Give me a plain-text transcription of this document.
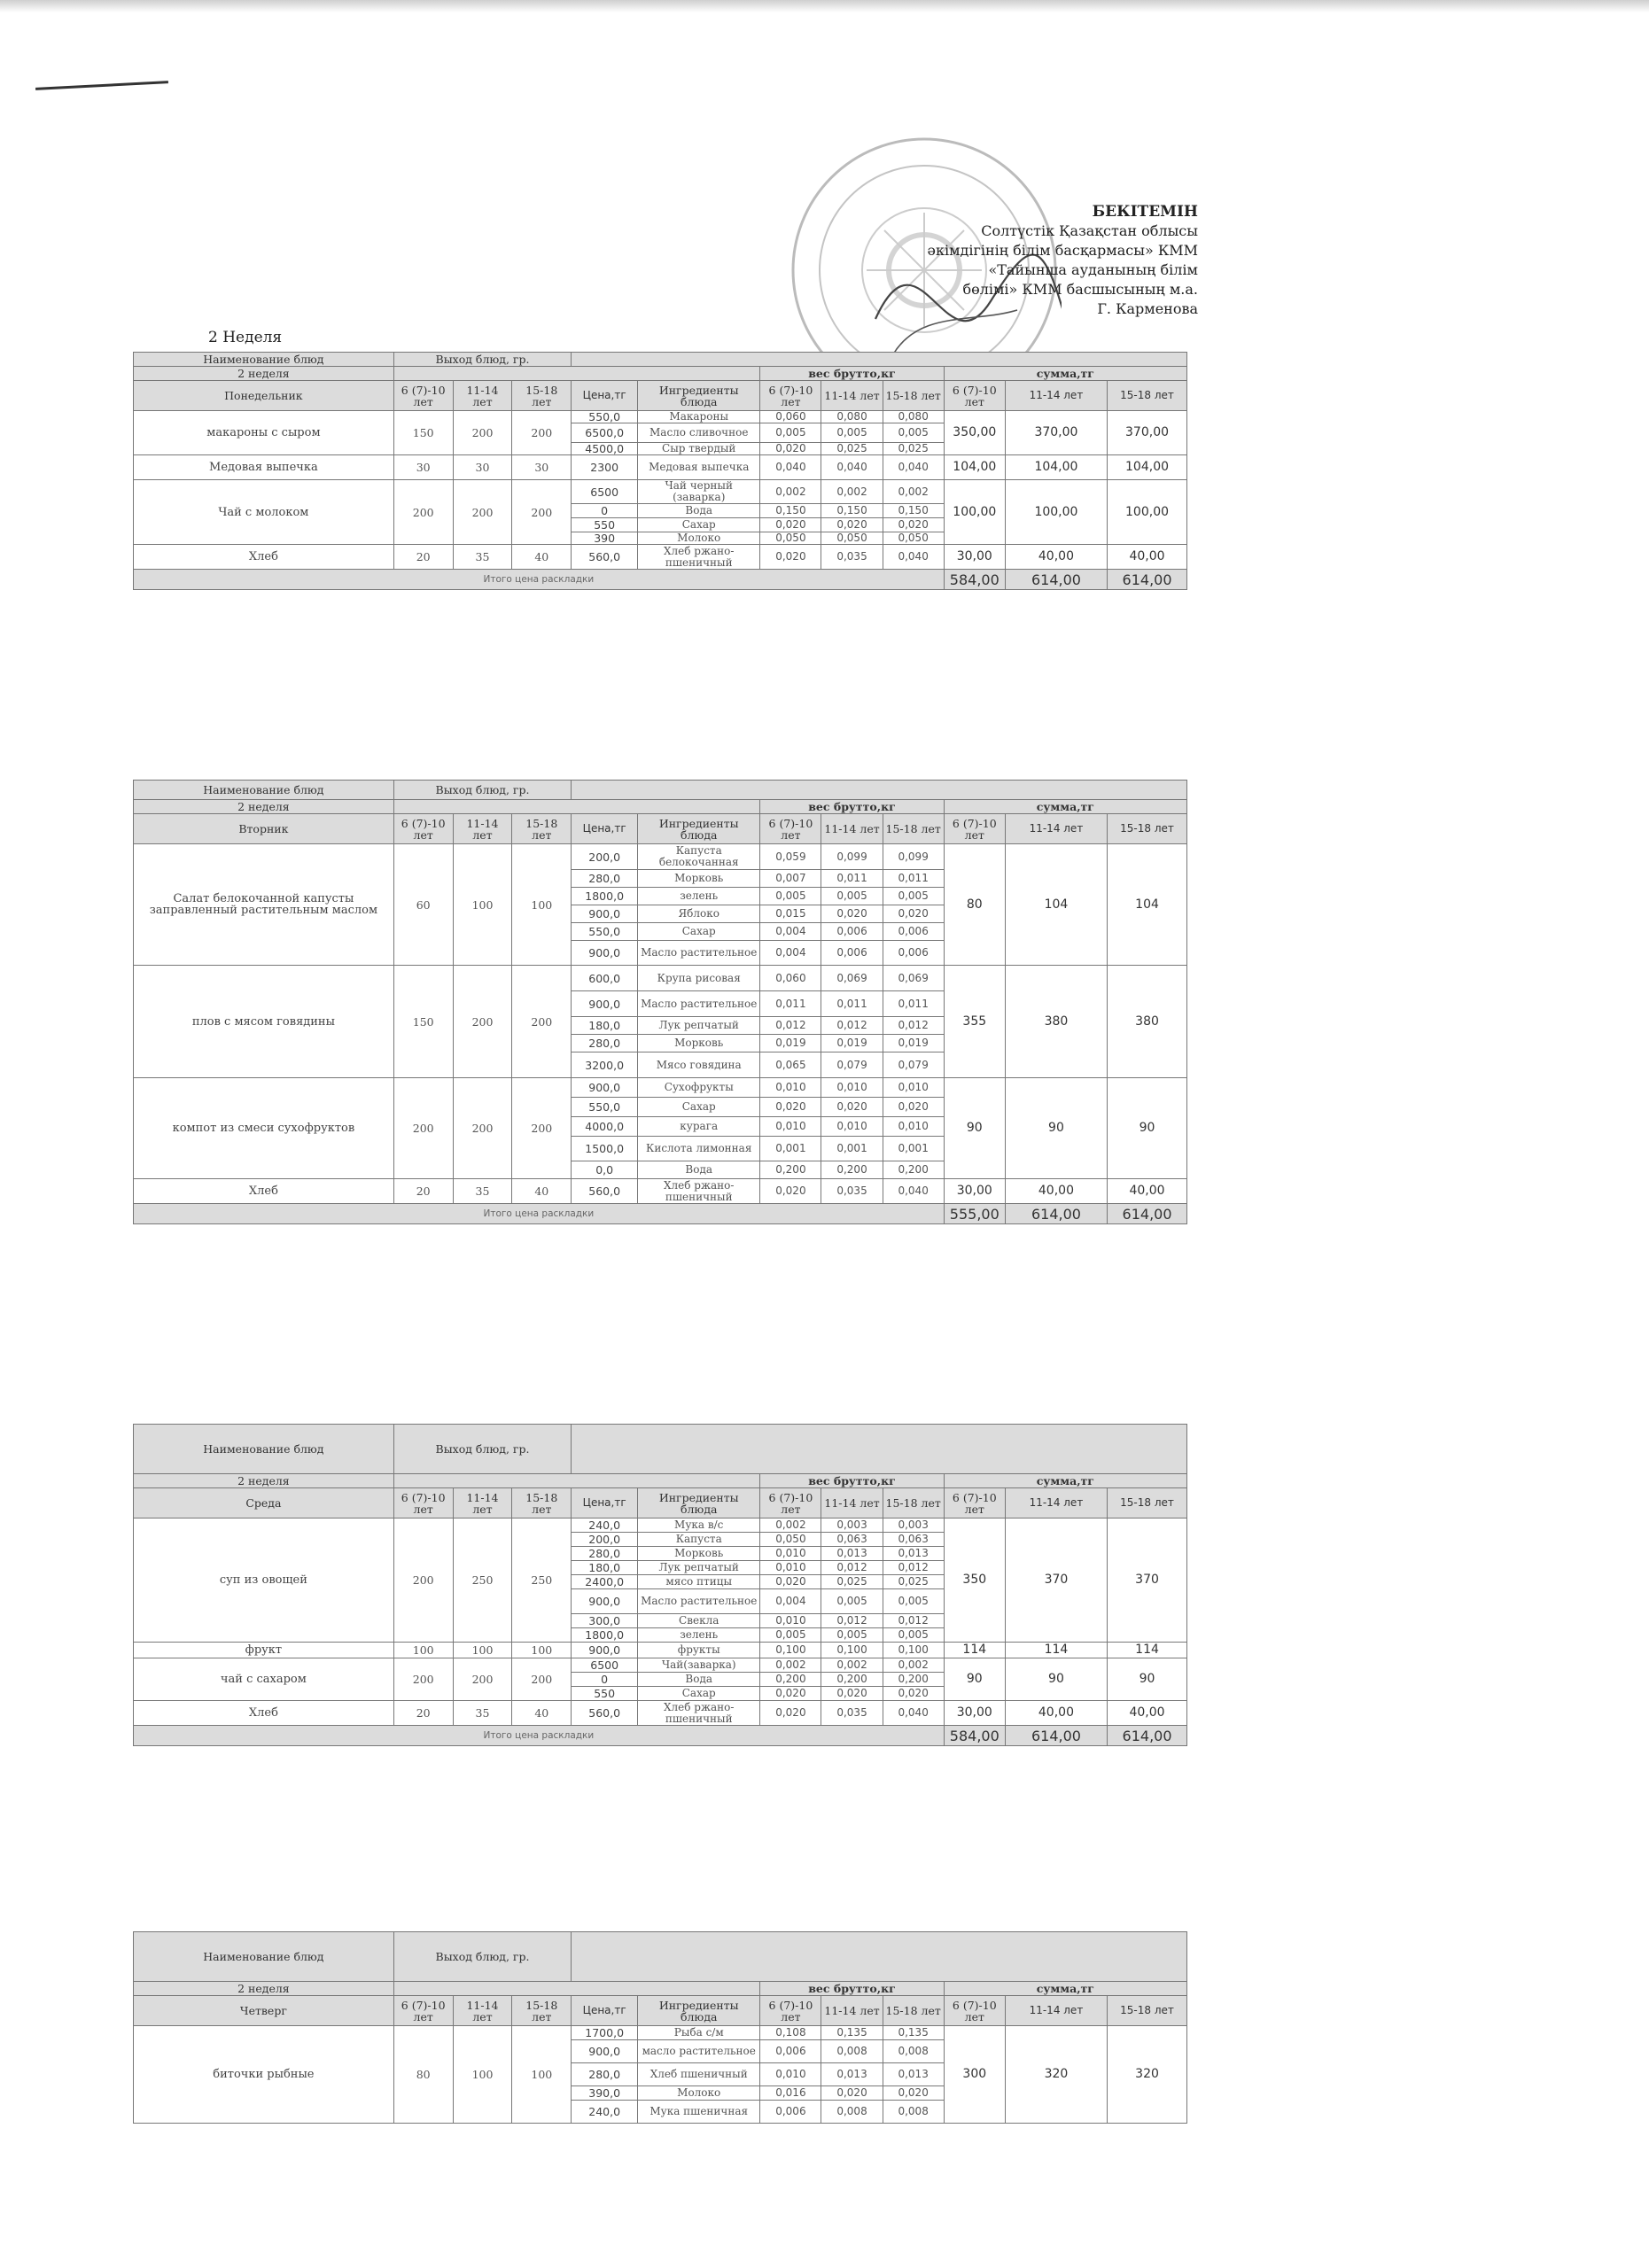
БЕКІТЕМІН
Солтүстік Қазақстан облысы
әкімдігінің білім басқармасы» КММ
«Тайынша ауданының білім
бөлімі» КММ басшысының м.а.
Г. Карменова
2 Неделя
Наименование блюд	Выход блюд, гр.										
2 неделя						вес брутто,кг			сумма,тг		
Понедельник	6 (7)-10 лет	11-14 лет	15-18 лет	Цена,тг	Ингредиенты блюда	6 (7)-10 лет	11-14 лет	15-18 лет	6 (7)-10 лет	11-14 лет	15-18 лет
макароны с сыром	150	200	200	550,0	Макароны	0,060	0,080	0,080	350,00	370,00	370,00
				6500,0	Масло сливочное	0,005	0,005	0,005			
				4500,0	Сыр твердый	0,020	0,025	0,025			
Медовая выпечка	30	30	30	2300	Медовая выпечка	0,040	0,040	0,040	104,00	104,00	104,00
Чай с молоком	200	200	200	6500	Чай черный (заварка)	0,002	0,002	0,002	100,00	100,00	100,00
				0	Вода	0,150	0,150	0,150			
				550	Сахар	0,020	0,020	0,020			
				390	Молоко	0,050	0,050	0,050			
Хлеб	20	35	40	560,0	Хлеб ржано-пшеничный	0,020	0,035	0,040	30,00	40,00	40,00
Итого цена раскладки									584,00	614,00	614,00
Наименование блюд	Выход блюд, гр.										
2 неделя						вес брутто,кг			сумма,тг		
Вторник	6 (7)-10 лет	11-14 лет	15-18 лет	Цена,тг	Ингредиенты блюда	6 (7)-10 лет	11-14 лет	15-18 лет	6 (7)-10 лет	11-14 лет	15-18 лет
Салат белокочанной капусты заправленный растительным маслом	60	100	100	200,0	Капуста белокочанная	0,059	0,099	0,099	80	104	104
				280,0	Морковь	0,007	0,011	0,011			
				1800,0	зелень	0,005	0,005	0,005			
				900,0	Яблоко	0,015	0,020	0,020			
				550,0	Сахар	0,004	0,006	0,006			
				900,0	Масло растительное	0,004	0,006	0,006			
плов с мясом говядины	150	200	200	600,0	Крупа рисовая	0,060	0,069	0,069	355	380	380
				900,0	Масло растительное	0,011	0,011	0,011			
				180,0	Лук репчатый	0,012	0,012	0,012			
				280,0	Морковь	0,019	0,019	0,019			
				3200,0	Мясо говядина	0,065	0,079	0,079			
компот из смеси сухофруктов	200	200	200	900,0	Сухофрукты	0,010	0,010	0,010	90	90	90
				550,0	Сахар	0,020	0,020	0,020			
				4000,0	курага	0,010	0,010	0,010			
				1500,0	Кислота лимонная	0,001	0,001	0,001			
				0,0	Вода	0,200	0,200	0,200			
Хлеб	20	35	40	560,0	Хлеб ржано-пшеничный	0,020	0,035	0,040	30,00	40,00	40,00
Итого цена раскладки									555,00	614,00	614,00
Наименование блюд	Выход блюд, гр.										
2 неделя						вес брутто,кг			сумма,тг		
Среда	6 (7)-10 лет	11-14 лет	15-18 лет	Цена,тг	Ингредиенты блюда	6 (7)-10 лет	11-14 лет	15-18 лет	6 (7)-10 лет	11-14 лет	15-18 лет
суп из овощей	200	250	250	240,0	Мука в/с	0,002	0,003	0,003	350	370	370
				200,0	Капуста	0,050	0,063	0,063			
				280,0	Морковь	0,010	0,013	0,013			
				180,0	Лук репчатый	0,010	0,012	0,012			
				2400,0	мясо птицы	0,020	0,025	0,025			
				900,0	Масло растительное	0,004	0,005	0,005			
				300,0	Свекла	0,010	0,012	0,012			
				1800,0	зелень	0,005	0,005	0,005			
фрукт	100	100	100	900,0	фрукты	0,100	0,100	0,100	114	114	114
чай с сахаром	200	200	200	6500	Чай(заварка)	0,002	0,002	0,002	90	90	90
				0	Вода	0,200	0,200	0,200			
				550	Сахар	0,020	0,020	0,020			
Хлеб	20	35	40	560,0	Хлеб ржано-пшеничный	0,020	0,035	0,040	30,00	40,00	40,00
Итого цена раскладки									584,00	614,00	614,00
Наименование блюд	Выход блюд, гр.										
2 неделя						вес брутто,кг			сумма,тг		
Четверг	6 (7)-10 лет	11-14 лет	15-18 лет	Цена,тг	Ингредиенты блюда	6 (7)-10 лет	11-14 лет	15-18 лет	6 (7)-10 лет	11-14 лет	15-18 лет
биточки рыбные	80	100	100	1700,0	Рыба с/м	0,108	0,135	0,135	300	320	320
				900,0	масло растительное	0,006	0,008	0,008			
				280,0	Хлеб пшеничный	0,010	0,013	0,013			
				390,0	Молоко	0,016	0,020	0,020			
				240,0	Мука пшеничная	0,006	0,008	0,008			
